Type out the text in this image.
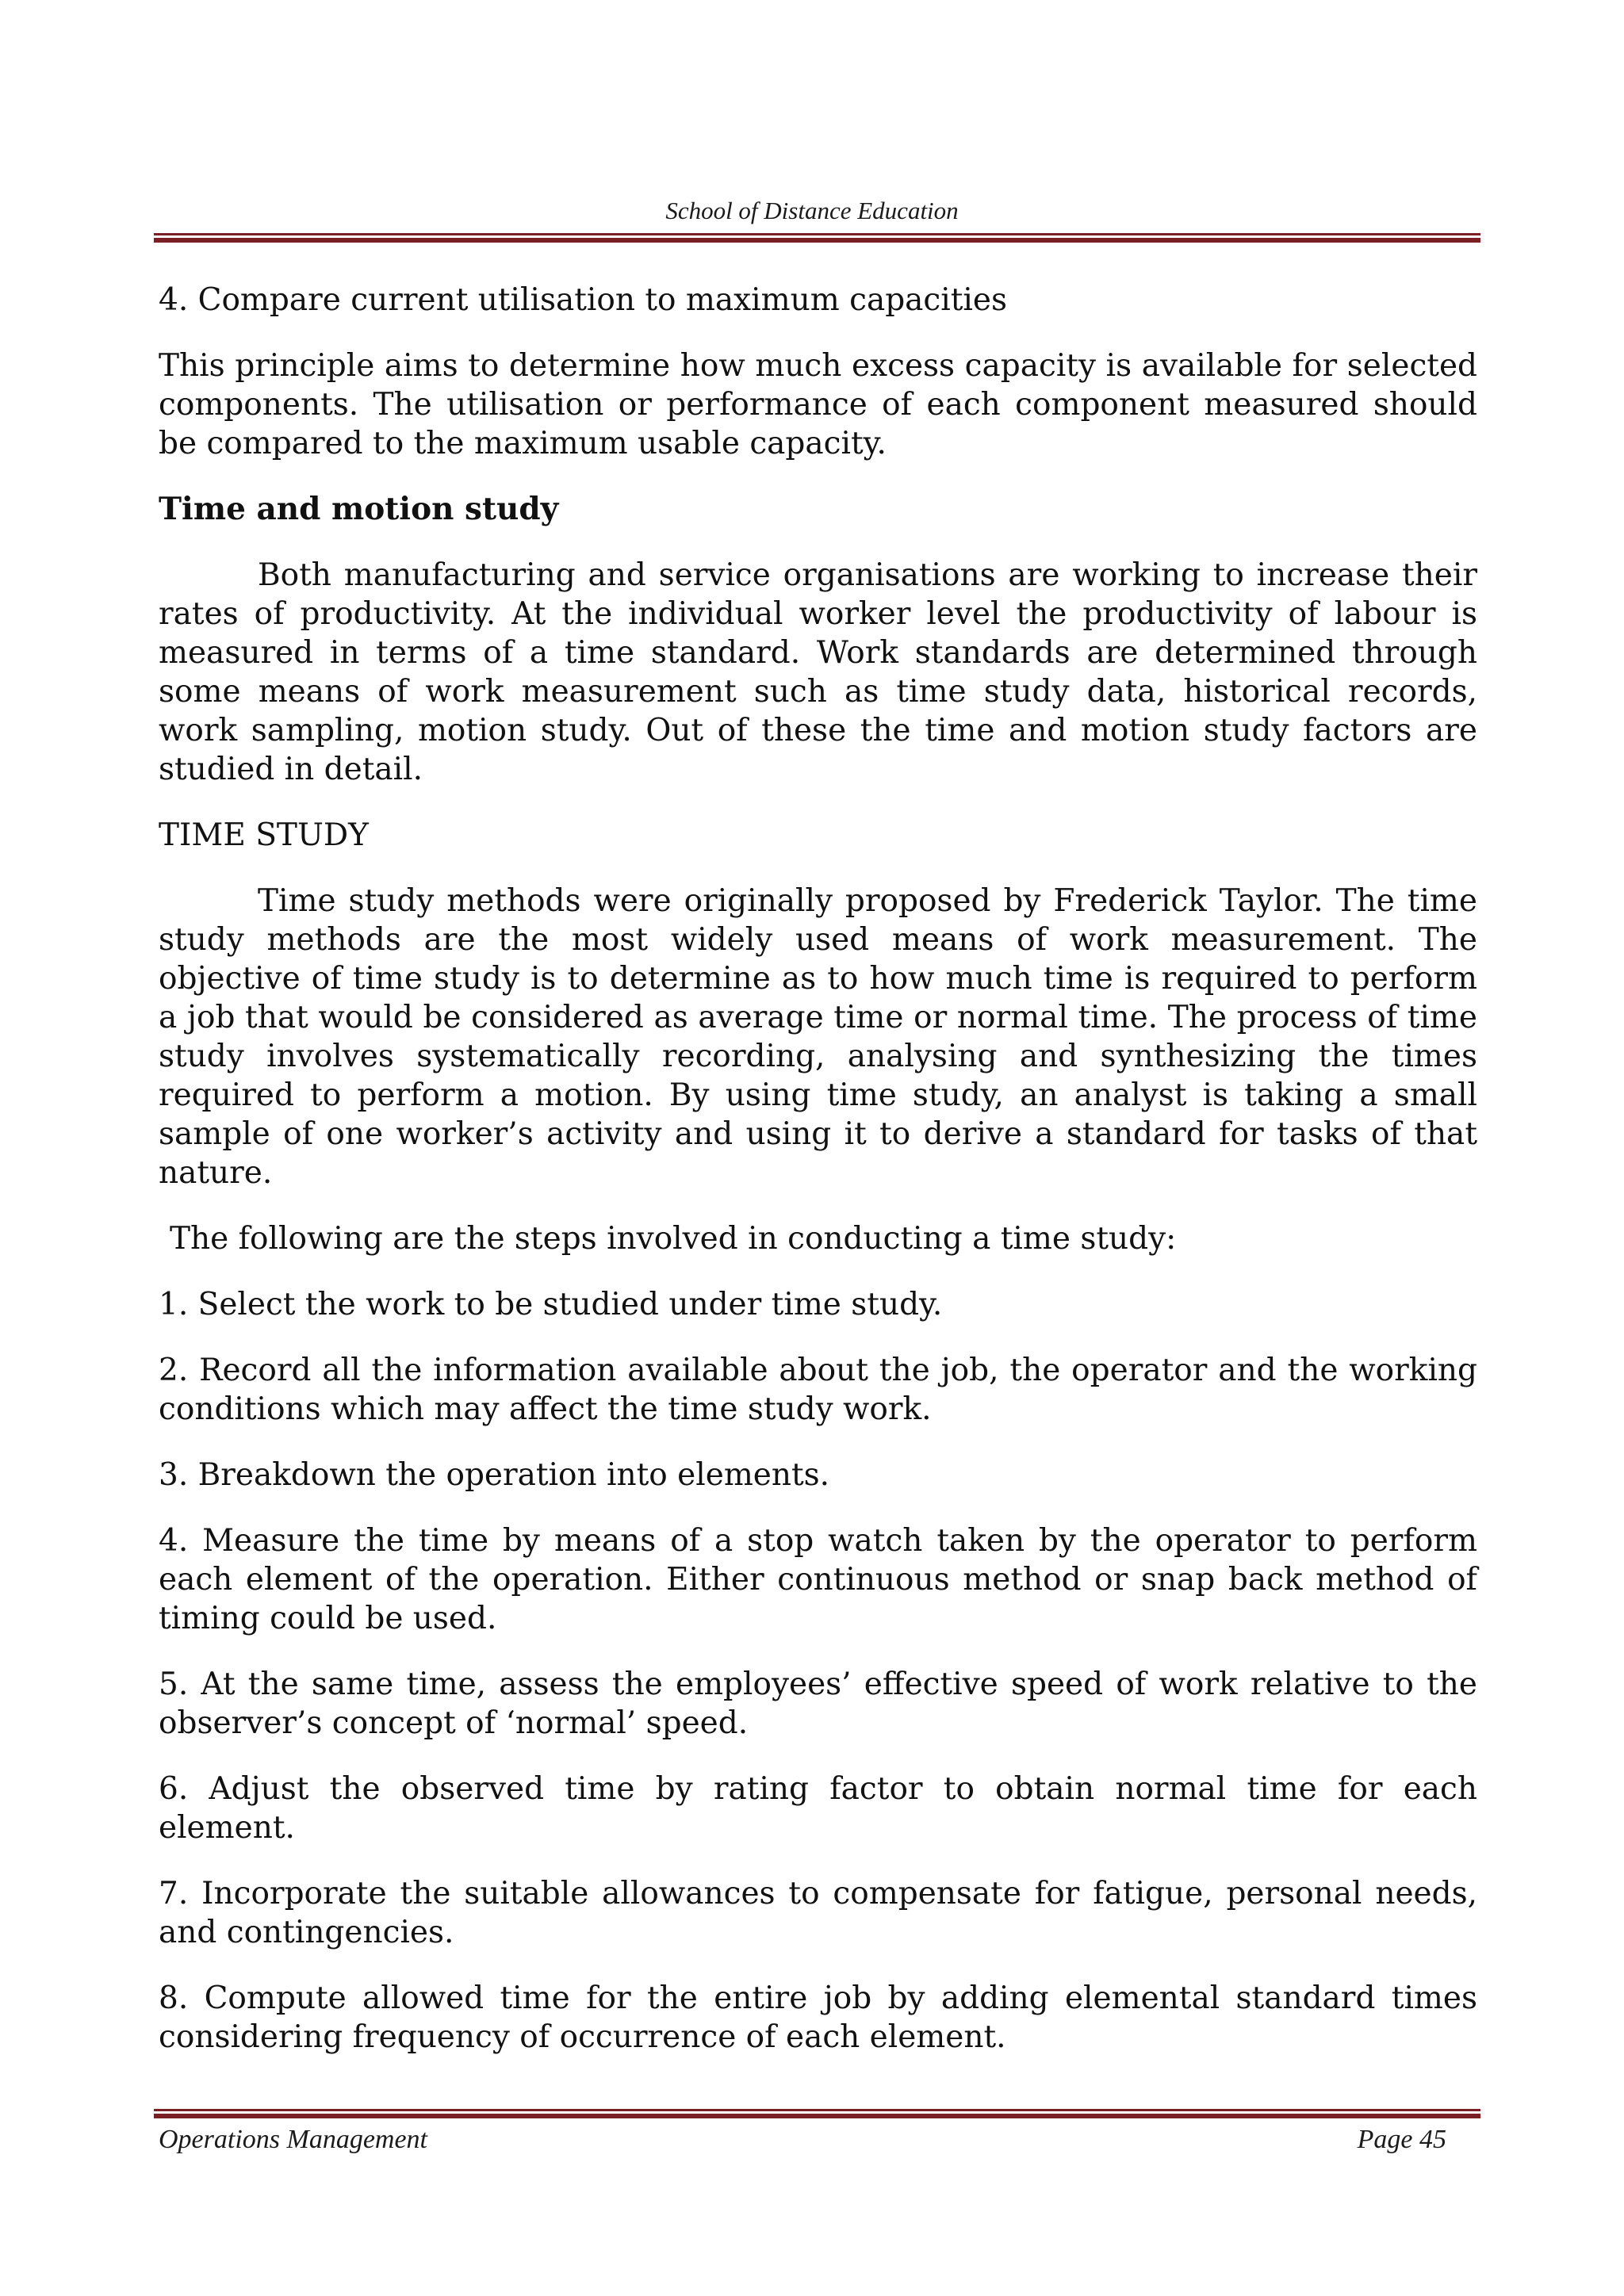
School of Distance Education

4. Compare current utilisation to maximum capacities

This principle aims to determine how much excess capacity is available for selected components. The utilisation or performance of each component measured should be compared to the maximum usable capacity.

Time and motion study

Both manufacturing and service organisations are working to increase their rates of productivity. At the individual worker level the productivity of labour is measured in terms of a time standard. Work standards are determined through some means of work measurement such as time study data, historical records, work sampling, motion study. Out of these the time and motion study factors are studied in detail.

TIME STUDY

Time study methods were originally proposed by Frederick Taylor. The time study methods are the most widely used means of work measurement. The objective of time study is to determine as to how much time is required to perform a job that would be considered as average time or normal time. The process of time study involves systematically recording, analysing and synthesizing the times required to perform a motion. By using time study, an analyst is taking a small sample of one worker’s activity and using it to derive a standard for tasks of that nature.

The following are the steps involved in conducting a time study:

1. Select the work to be studied under time study.

2. Record all the information available about the job, the operator and the working conditions which may affect the time study work.

3. Breakdown the operation into elements.

4. Measure the time by means of a stop watch taken by the operator to perform each element of the operation. Either continuous method or snap back method of timing could be used.

5. At the same time, assess the employees’ effective speed of work relative to the observer’s concept of ‘normal’ speed.

6. Adjust the observed time by rating factor to obtain normal time for each element.

7. Incorporate the suitable allowances to compensate for fatigue, personal needs, and contingencies.

8. Compute allowed time for the entire job by adding elemental standard times considering frequency of occurrence of each element.

Operations Management	Page 45
